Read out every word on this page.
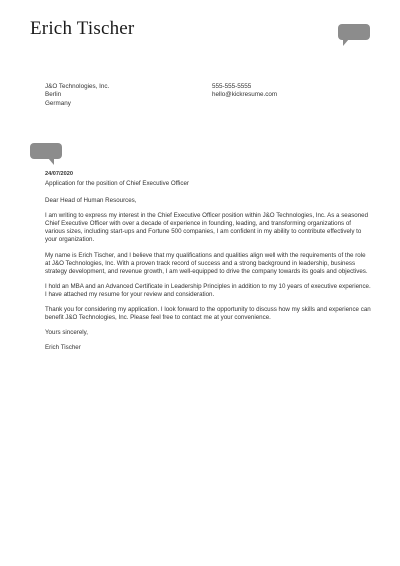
Erich Tischer
J&O Technologies, Inc.
Berlin
Germany
555-555-5555
hello@kickresume.com
24/07/2020
Application for the position of Chief Executive Officer
Dear Head of Human Resources,

I am writing to express my interest in the Chief Executive Officer position within J&O Technologies, Inc. As a seasoned Chief Executive Officer with over a decade of experience in founding, leading, and transforming organizations of various sizes, including start-ups and Fortune 500 companies, I am confident in my ability to contribute effectively to your organization.

My name is Erich Tischer, and I believe that my qualifications and qualities align well with the requirements of the role at J&O Technologies, Inc. With a proven track record of success and a strong background in leadership, business strategy development, and revenue growth, I am well-equipped to drive the company towards its goals and objectives.

I hold an MBA and an Advanced Certificate in Leadership Principles in addition to my 10 years of executive experience. I have attached my resume for your review and consideration.

Thank you for considering my application. I look forward to the opportunity to discuss how my skills and experience can benefit J&O Technologies, Inc. Please feel free to contact me at your convenience.

Yours sincerely,
Erich Tischer
